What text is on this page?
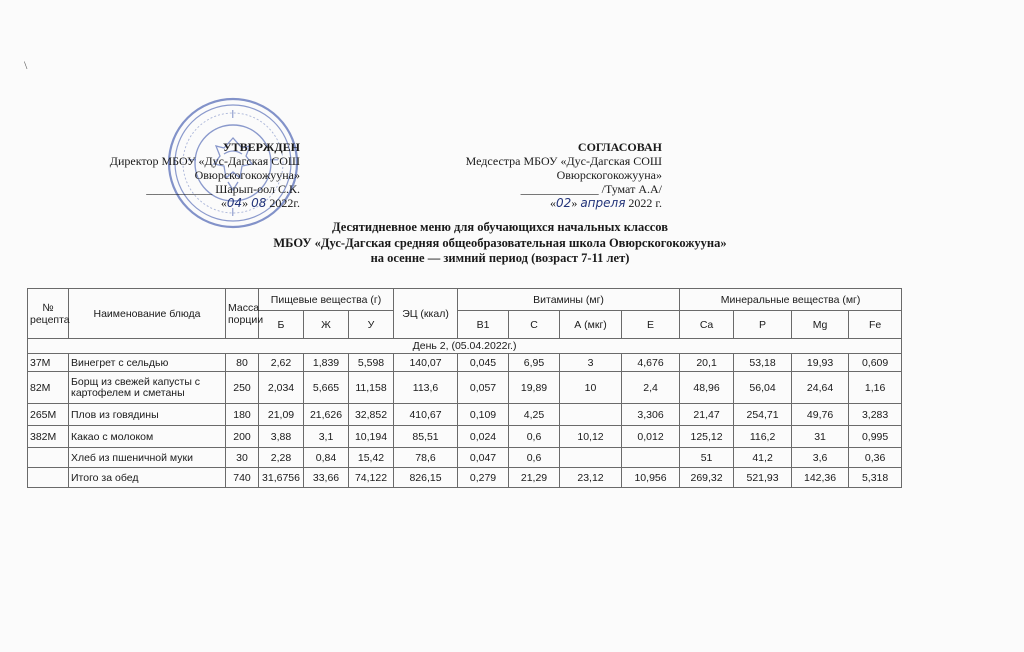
\
УТВЕРЖДЕН
Директор МБОУ «Дус-Дагская СОШ
Овюрскогокожууна»
___________ Шарып-оол С.К.
«04» 08 2022г.
СОГЛАСОВАН
Медсестра МБОУ «Дус-Дагская СОШ
Овюрскогокожууна»
_____________ /Тумат А.А/
«02» апреля 2022 г.
Десятидневное меню для обучающихся начальных классов
МБОУ «Дус-Дагская средняя общеобразовательная школа Овюрскогокожууна»
на осенне — зимний период (возраст 7-11 лет)
№ рецепта	Наименование блюда	Масса порции	Пищевые вещества (г)			ЭЦ (ккал)	Витамины (мг)				Минеральные вещества (мг)			
			Б	Ж	У		B1	C	А (мкг)	E	Ca	P	Mg	Fe
День 2, (05.04.2022г.)														
37М	Винегрет с сельдью	80	2,62	1,839	5,598	140,07	0,045	6,95	3	4,676	20,1	53,18	19,93	0,609
82М	Борщ из свежей капусты с картофелем и сметаны	250	2,034	5,665	11,158	113,6	0,057	19,89	10	2,4	48,96	56,04	24,64	1,16
265М	Плов из говядины	180	21,09	21,626	32,852	410,67	0,109	4,25		3,306	21,47	254,71	49,76	3,283
382М	Какао с молоком	200	3,88	3,1	10,194	85,51	0,024	0,6	10,12	0,012	125,12	116,2	31	0,995
	Хлеб из пшеничной муки	30	2,28	0,84	15,42	78,6	0,047	0,6			51	41,2	3,6	0,36
	Итого за обед	740	31,6756	33,66	74,122	826,15	0,279	21,29	23,12	10,956	269,32	521,93	142,36	5,318
